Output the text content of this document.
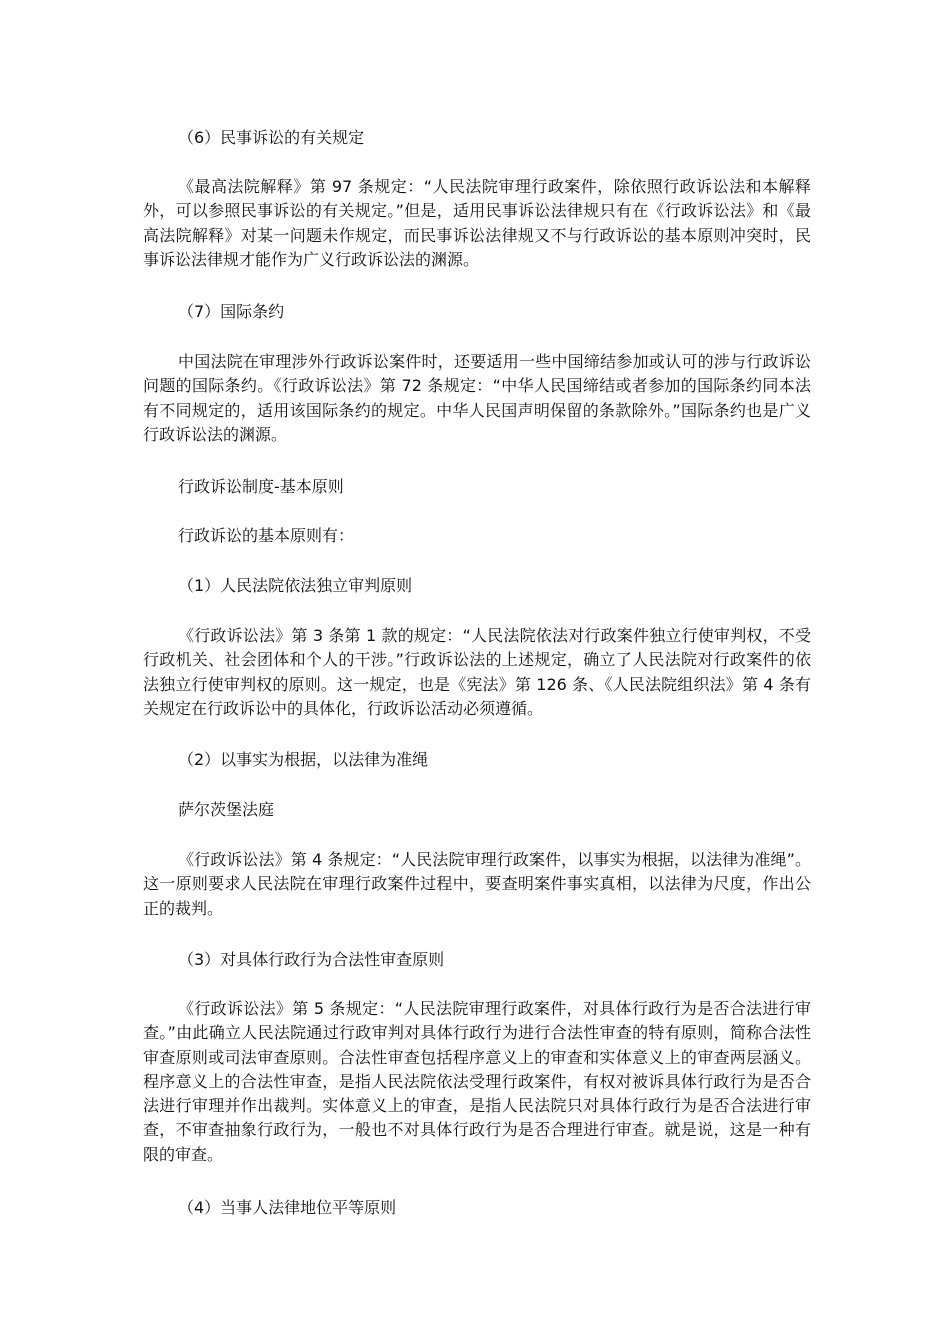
（6）民事诉讼的有关规定

《最高法院解释》第 97 条规定：“人民法院审理行政案件，除依照行政诉讼法和本解释外，可以参照民事诉讼的有关规定。”但是，适用民事诉讼法律规只有在《行政诉讼法》和《最高法院解释》对某一问题未作规定，而民事诉讼法律规又不与行政诉讼的基本原则冲突时，民事诉讼法律规才能作为广义行政诉讼法的渊源。

（7）国际条约

中国法院在审理涉外行政诉讼案件时，还要适用一些中国缔结参加或认可的涉与行政诉讼问题的国际条约。《行政诉讼法》第 72 条规定：“中华人民国缔结或者参加的国际条约同本法有不同规定的，适用该国际条约的规定。中华人民国声明保留的条款除外。”国际条约也是广义行政诉讼法的渊源。

行政诉讼制度-基本原则

行政诉讼的基本原则有：

（1）人民法院依法独立审判原则

《行政诉讼法》第 3 条第 1 款的规定：“人民法院依法对行政案件独立行使审判权，不受行政机关、社会团体和个人的干涉。”行政诉讼法的上述规定，确立了人民法院对行政案件的依法独立行使审判权的原则。这一规定，也是《宪法》第 126 条、《人民法院组织法》第 4 条有关规定在行政诉讼中的具体化，行政诉讼活动必须遵循。

（2）以事实为根据，以法律为准绳

萨尔茨堡法庭

《行政诉讼法》第 4 条规定：“人民法院审理行政案件，以事实为根据，以法律为准绳”。这一原则要求人民法院在审理行政案件过程中，要查明案件事实真相，以法律为尺度，作出公正的裁判。

（3）对具体行政行为合法性审查原则

《行政诉讼法》第 5 条规定：“人民法院审理行政案件，对具体行政行为是否合法进行审查。”由此确立人民法院通过行政审判对具体行政行为进行合法性审查的特有原则，简称合法性审查原则或司法审查原则。合法性审查包括程序意义上的审查和实体意义上的审查两层涵义。程序意义上的合法性审查，是指人民法院依法受理行政案件，有权对被诉具体行政行为是否合法进行审理并作出裁判。实体意义上的审查，是指人民法院只对具体行政行为是否合法进行审查，不审查抽象行政行为，一般也不对具体行政行为是否合理进行审查。就是说，这是一种有限的审查。

（4）当事人法律地位平等原则
